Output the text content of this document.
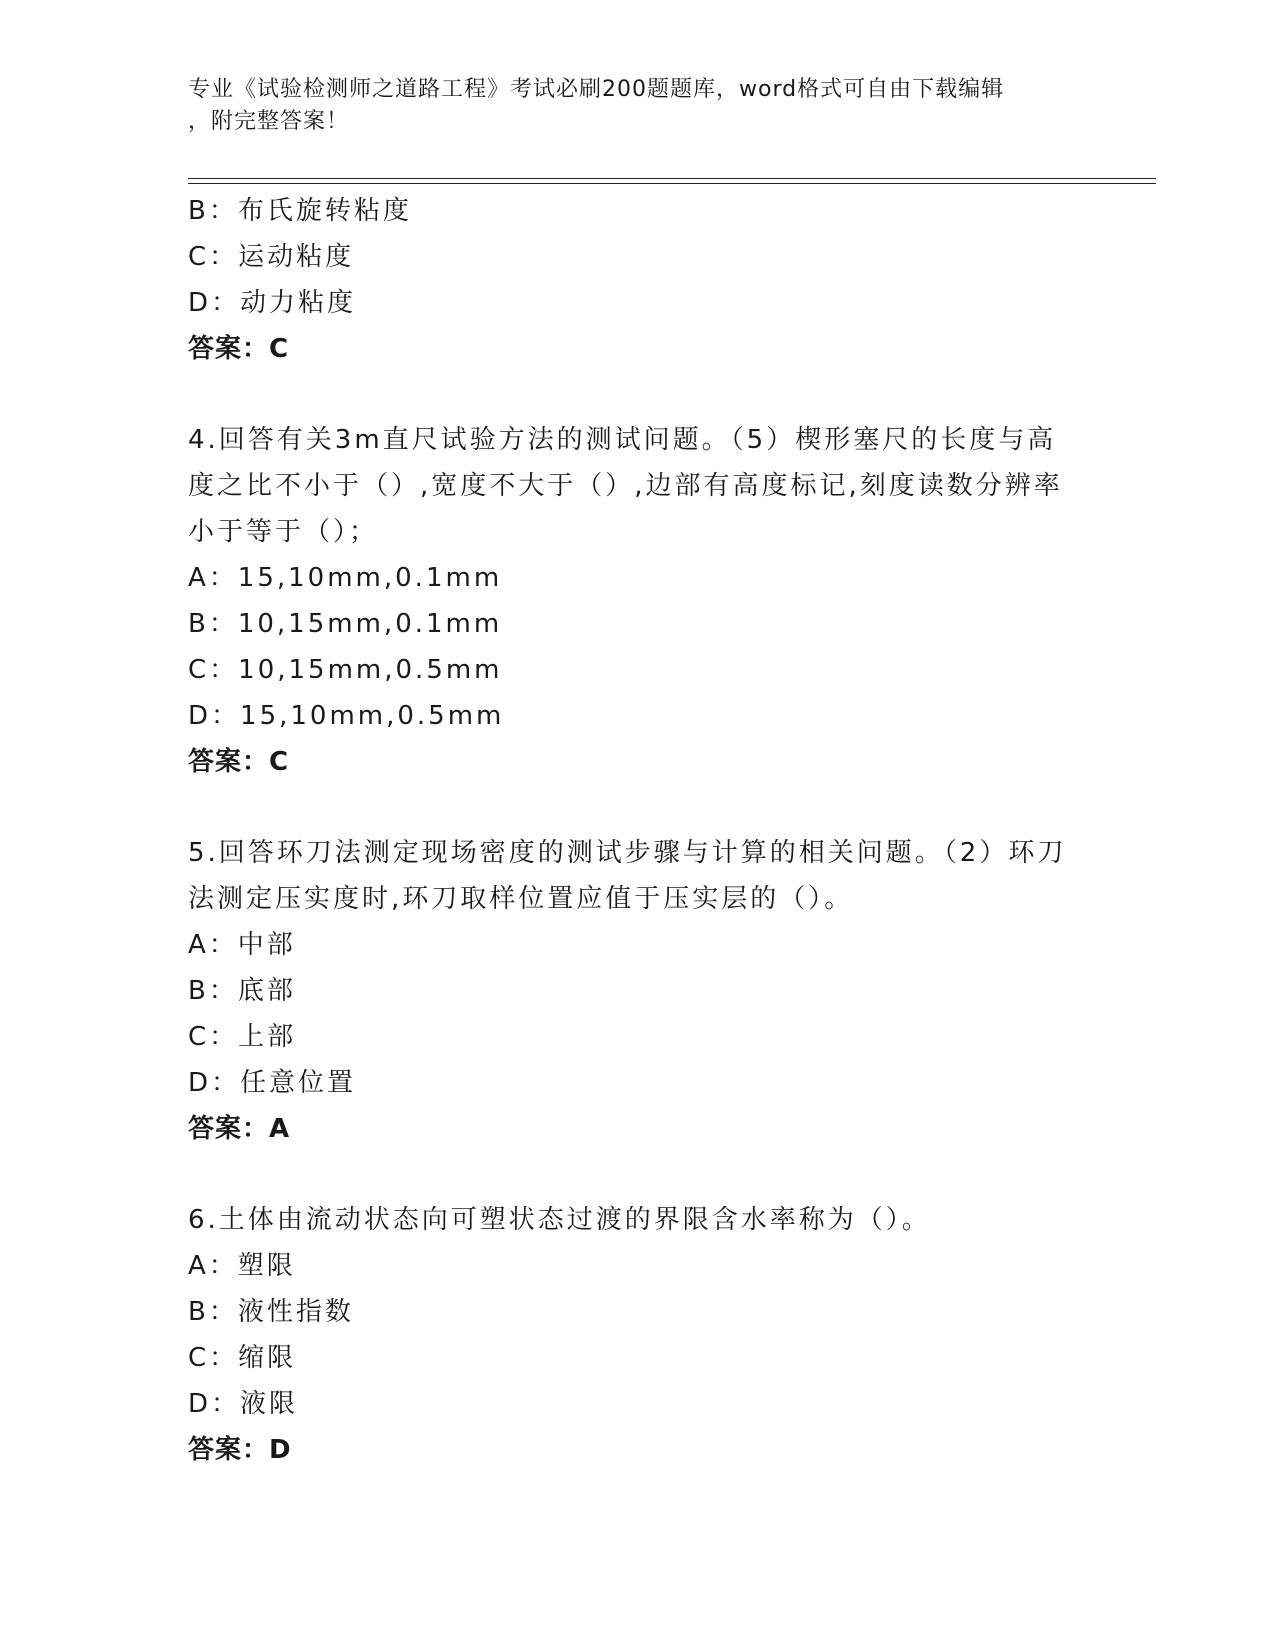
专业《试验检测师之道路工程》考试必刷200题题库，word格式可自由下载编辑
，附完整答案！
B：布氏旋转粘度
C：运动粘度
D：动力粘度
答案：C
4.回答有关3m直尺试验方法的测试问题。（5）楔形塞尺的长度与高
度之比不小于（）,宽度不大于（）,边部有高度标记,刻度读数分辨率
小于等于（）；
A：15,10mm,0.1mm
B：10,15mm,0.1mm
C：10,15mm,0.5mm
D：15,10mm,0.5mm
答案：C
5.回答环刀法测定现场密度的测试步骤与计算的相关问题。（2）环刀
法测定压实度时,环刀取样位置应值于压实层的（）。
A：中部
B：底部
C：上部
D：任意位置
答案：A
6.土体由流动状态向可塑状态过渡的界限含水率称为（）。
A：塑限
B：液性指数
C：缩限
D：液限
答案：D
